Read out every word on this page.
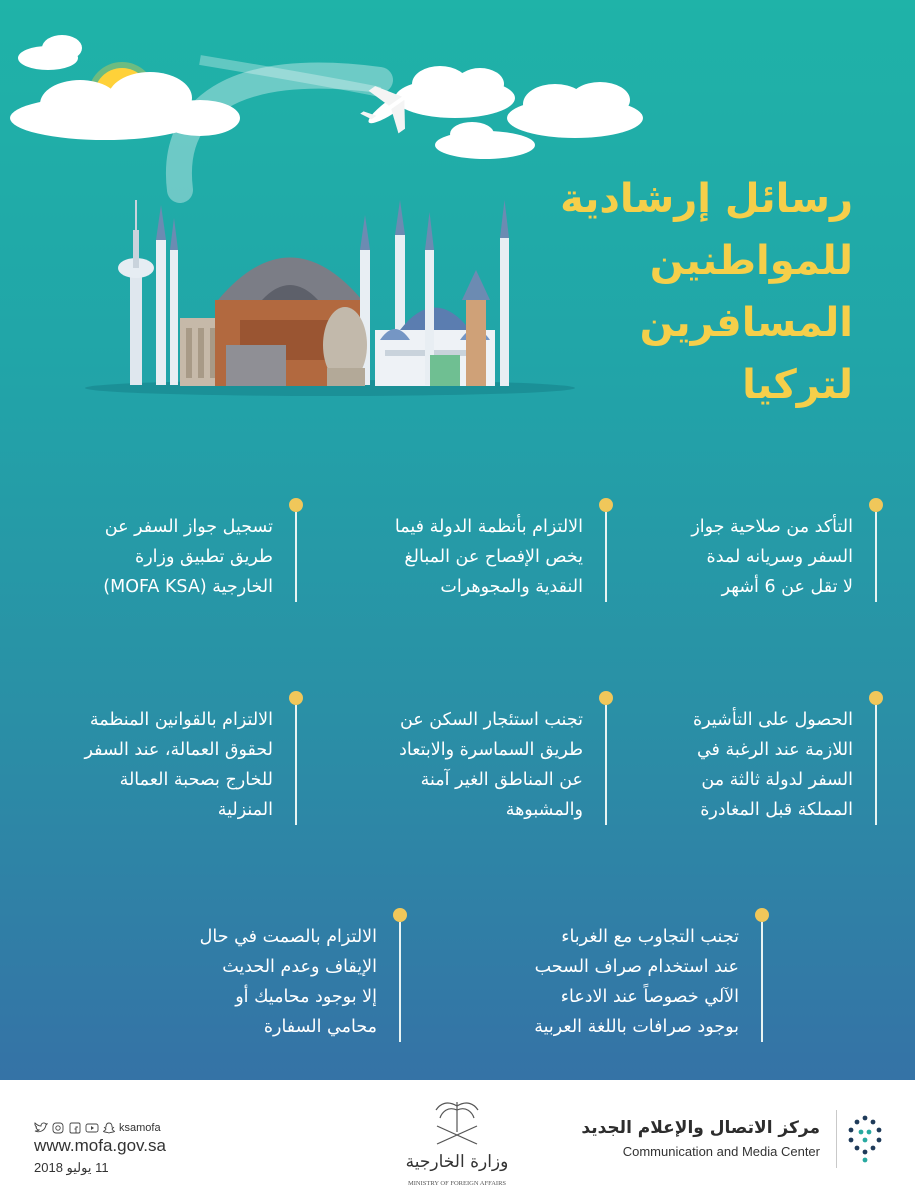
رسائل إرشادية
للمواطنين
المسافرين
لتركيا
التأكد من صلاحية جواز
السفر وسريانه لمدة
لا تقل عن 6 أشهر
الالتزام بأنظمة الدولة فيما
يخص الإفصاح عن المبالغ
النقدية والمجوهرات
تسجيل جواز السفر عن
طريق تطبيق وزارة
الخارجية (MOFA KSA)
الحصول على التأشيرة
اللازمة عند الرغبة في
السفر لدولة ثالثة من
المملكة قبل المغادرة
تجنب استئجار السكن عن
طريق السماسرة والابتعاد
عن المناطق الغير آمنة
والمشبوهة
الالتزام بالقوانين المنظمة
لحقوق العمالة، عند السفر
للخارج بصحبة العمالة
المنزلية
تجنب التجاوب مع الغرباء
عند استخدام صراف السحب
الآلي خصوصاً عند الادعاء
بوجود صرافات باللغة العربية
الالتزام بالصمت في حال
الإيقاف وعدم الحديث
إلا بوجود محاميك أو
محامي السفارة
مركز الاتصال والإعلام الجديد
Communication and Media Center
وزارة الخارجية
MINISTRY OF FOREIGN AFFAIRS
ksamofa
www.mofa.gov.sa
11 يوليو 2018
